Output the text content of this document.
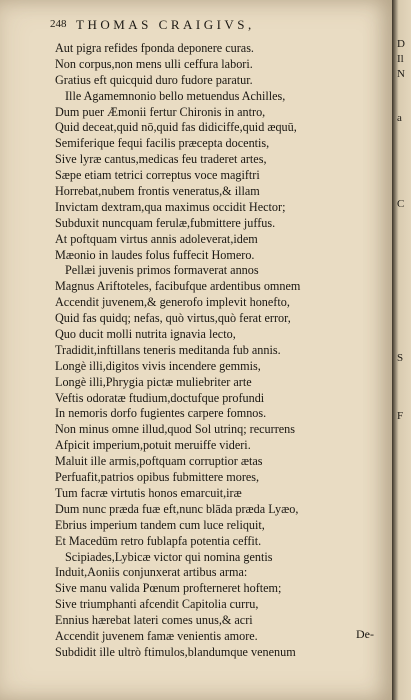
248 THOMAS CRAIGIVS,
Aut pigra refides fponda deponere curas.
Non corpus,non mens ulli ceffura labori.
Gratius eft quicquid duro fudore paratur.
Ille Agamemnonio bello metuendus Achilles,
Dum puer Æmonii fertur Chironis in antro,
Quid deceat,quid nō,quid fas didiciffe,quid æquū,
Semiferique fequi facilis præcepta docentis,
Sive lyræ cantus,medicas feu traderet artes,
Sæpe etiam tetrici correptus voce magiftri
Horrebat,nubem frontis veneratus,& illam
Invictam dextram,qua maximus occidit Hector;
Subduxit nuncquam ferulæ,fubmittere juffus.
At poftquam virtus annis adoleverat,idem
Mæonio in laudes folus fuffecit Homero.
Pellæi juvenis primos formaverat annos
Magnus Ariftoteles, facibufque ardentibus omnem
Accendit juvenem,& generofo implevit honefto,
Quid fas quidq; nefas, quò virtus,quò ferat error,
Quo ducit molli nutrita ignavia lecto,
Tradidit,inftillans teneris meditanda fub annis.
Longè illi,digitos vivis incendere gemmis,
Longè illi,Phrygia pictæ muliebriter arte
Veftis odoratæ ftudium,doctufque profundi
In nemoris dorfo fugientes carpere fomnos.
Non minus omne illud,quod Sol utrinq; recurrens
Afpicit imperium,potuit meruiffe videri.
Maluit ille armis,poftquam corruptior ætas
Perfuafit,patrios opibus fubmittere mores,
Tum facræ virtutis honos emarcuit,iræ
Dum nunc præda fuæ eft,nunc blāda præda Lyæo,
Ebrius imperium tandem cum luce reliquit,
Et Macedūm retro fublapfa potentia ceffit.
Scipiades,Lybicæ victor qui nomina gentis
Induit,Aoniis conjunxerat artibus arma:
Sive manu valida Pœnum profterneret hoftem;
Sive triumphanti afcendit Capitolia curru,
Ennius hærebat lateri comes unus,& acri
Accendit juvenem famæ venientis amore.
Subdidit ille ultrò ftimulos,blandumque venenum
De-
D
Il
N
a
C
S
F
